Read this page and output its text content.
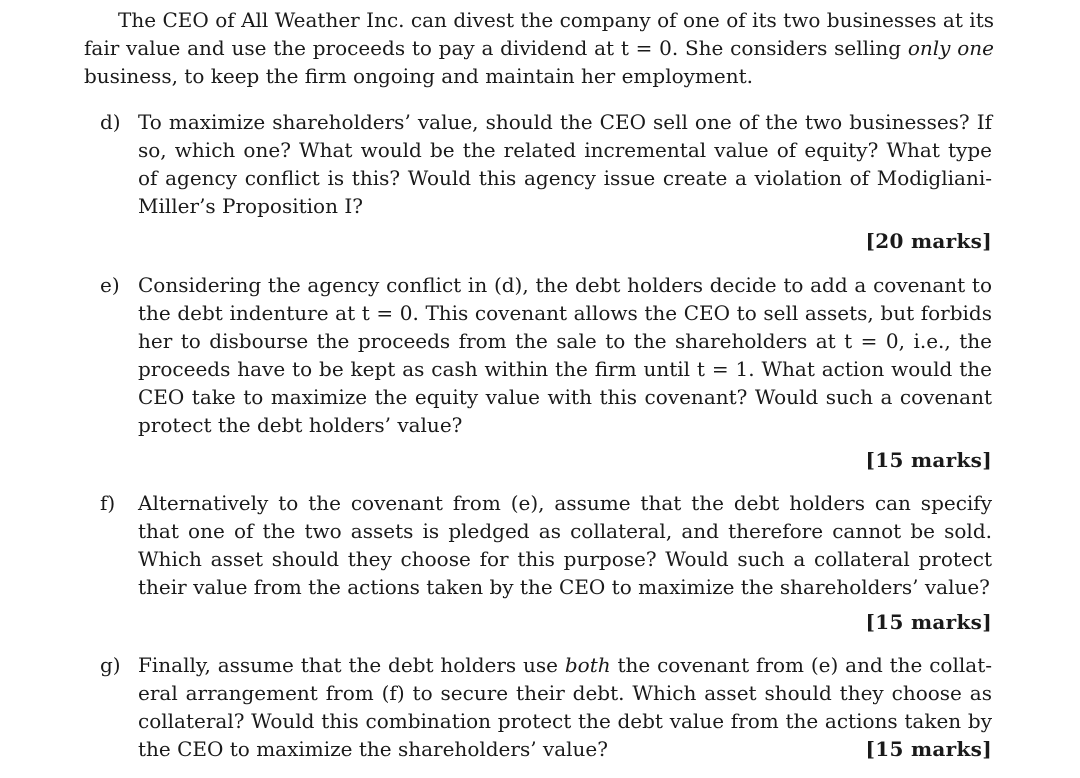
The CEO of All Weather Inc. can divest the company of one of its two businesses at its fair value and use the proceeds to pay a dividend at t = 0. She considers selling only one business, to keep the firm ongoing and maintain her employment.

d) To maximize shareholders’ value, should the CEO sell one of the two businesses? If so, which one? What would be the related incremental value of equity? What type of agency conflict is this? Would this agency issue create a violation of Modigliani-Miller’s Proposition I?
[20 marks]
e) Considering the agency conflict in (d), the debt holders decide to add a covenant to the debt indenture at t = 0. This covenant allows the CEO to sell assets, but forbids her to disbourse the proceeds from the sale to the shareholders at t = 0, i.e., the proceeds have to be kept as cash within the firm until t = 1. What action would the CEO take to maximize the equity value with this covenant? Would such a covenant protect the debt holders’ value?
[15 marks]
f)	Alternatively to the covenant from (e), assume that the debt holders can specify that one of the two assets is pledged as collateral, and therefore cannot be sold. Which asset should they choose for this purpose? Would such a collateral protect their value from the actions taken by the CEO to maximize the shareholders’ value?
[15 marks]
g) Finally, assume that the debt holders use both the covenant from (e) and the collat-eral arrangement from (f) to secure their debt. Which asset should they choose as collateral? Would this combination protect the debt value from the actions taken by the CEO to maximize the shareholders’ value?	[15 marks]
